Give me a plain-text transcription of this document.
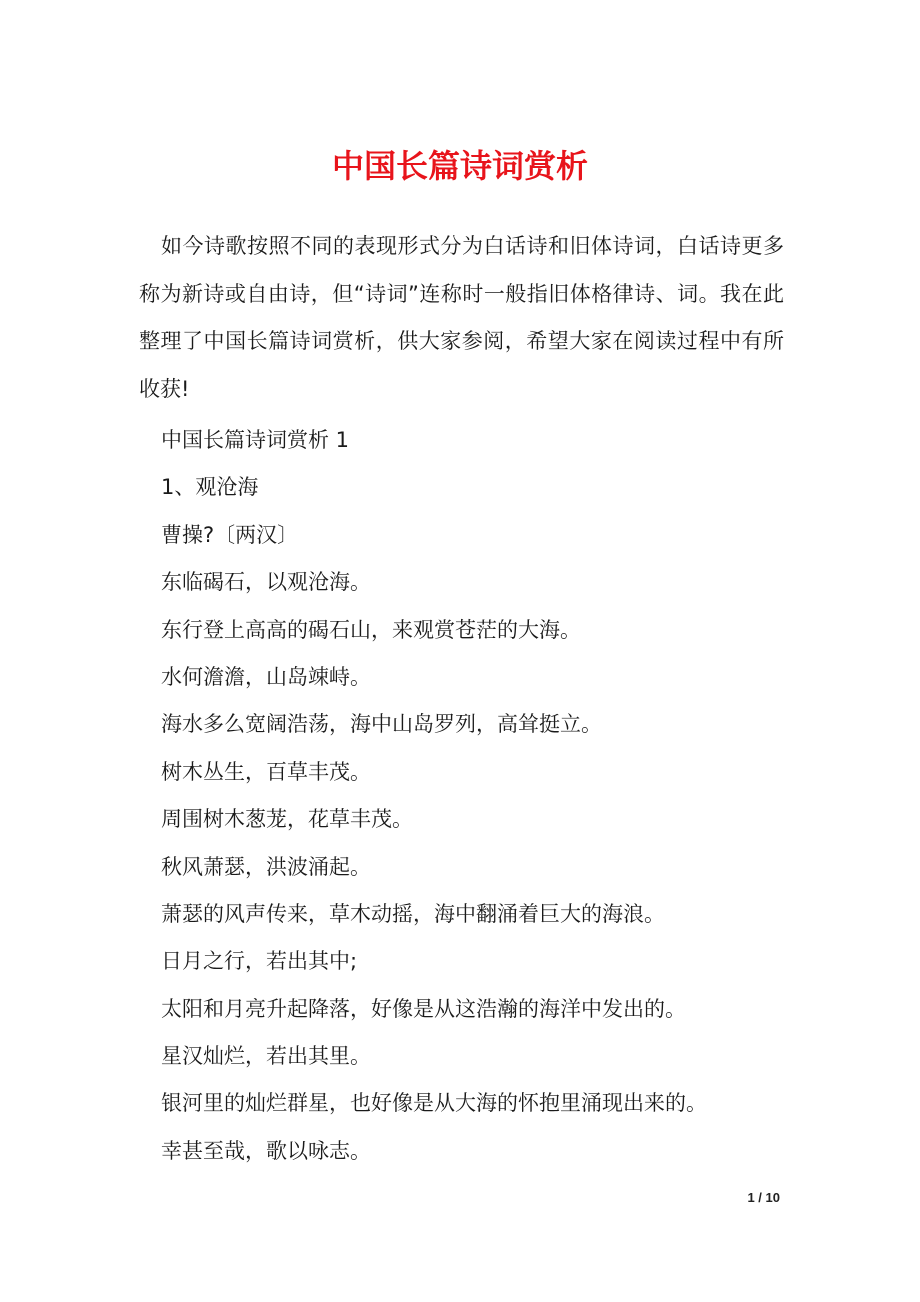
中国长篇诗词赏析

如今诗歌按照不同的表现形式分为白话诗和旧体诗词，白话诗更多称为新诗或自由诗，但“诗词”连称时一般指旧体格律诗、词。我在此整理了中国长篇诗词赏析，供大家参阅，希望大家在阅读过程中有所收获!

中国长篇诗词赏析 1
1、观沧海
曹操?〔两汉〕
东临碣石，以观沧海。
东行登上高高的碣石山，来观赏苍茫的大海。
水何澹澹，山岛竦峙。
海水多么宽阔浩荡，海中山岛罗列，高耸挺立。
树木丛生，百草丰茂。
周围树木葱茏，花草丰茂。
秋风萧瑟，洪波涌起。
萧瑟的风声传来，草木动摇，海中翻涌着巨大的海浪。
日月之行，若出其中;
太阳和月亮升起降落，好像是从这浩瀚的海洋中发出的。
星汉灿烂，若出其里。
银河里的灿烂群星，也好像是从大海的怀抱里涌现出来的。
幸甚至哉，歌以咏志。
1 / 10
